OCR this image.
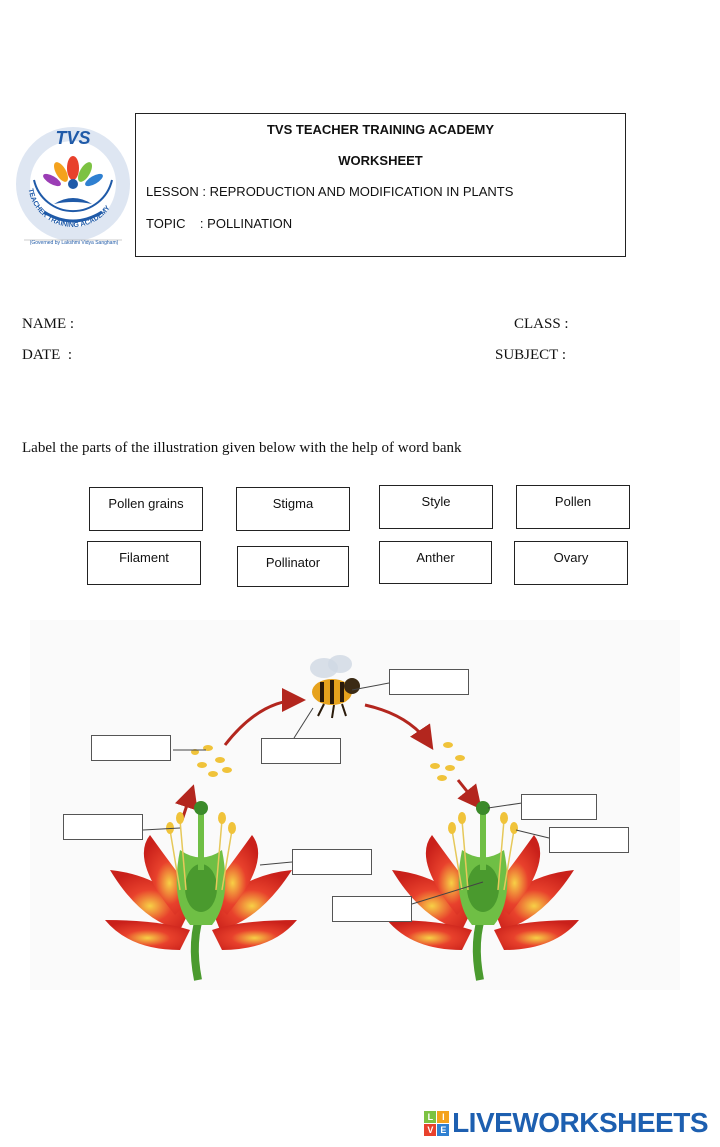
TVS
TEACHER TRAINING ACADEMY
(Governed by Lakshmi Vidya Sangham)
TVS TEACHER TRAINING ACADEMY
WORKSHEET
LESSON : REPRODUCTION AND MODIFICATION IN PLANTS
TOPIC    : POLLINATION
NAME :	CLASS :
DATE  :	SUBJECT :
Label the parts of the illustration given below with the help of word bank
Pollen grains	Stigma	Style	Pollen
Filament	Pollinator	Anther	Ovary
L	I
V E LIVEWORKSHEETS
